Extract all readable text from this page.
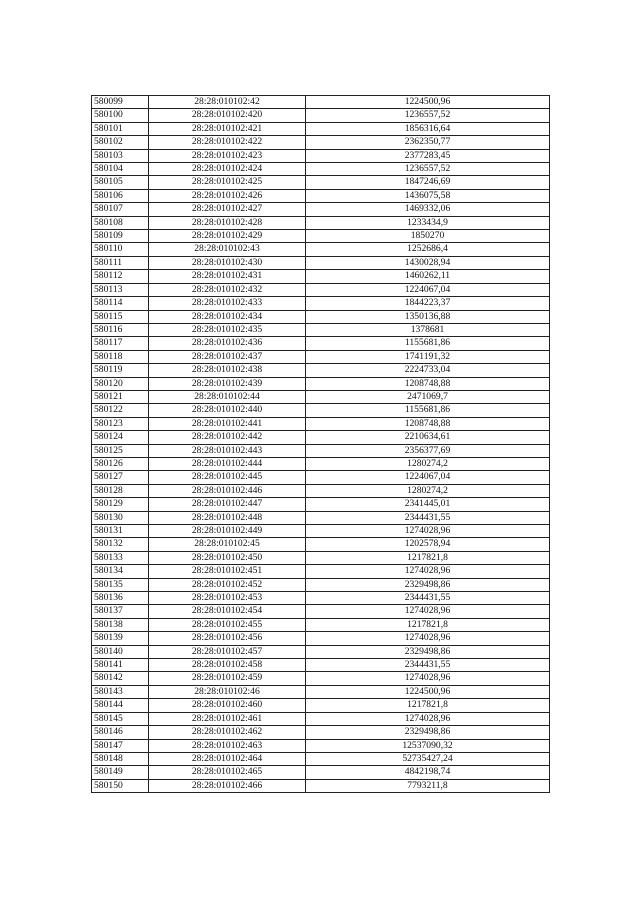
580099	28:28:010102:42	1224500,96
580100	28:28:010102:420	1236557,52
580101	28:28:010102:421	1856316,64
580102	28:28:010102:422	2362350,77
580103	28:28:010102:423	2377283,45
580104	28:28:010102:424	1236557,52
580105	28:28:010102:425	1847246,69
580106	28:28:010102:426	1436075,58
580107	28:28:010102:427	1469332,06
580108	28:28:010102:428	1233434,9
580109	28:28:010102:429	1850270
580110	28:28:010102:43	1252686,4
580111	28:28:010102:430	1430028,94
580112	28:28:010102:431	1460262,11
580113	28:28:010102:432	1224067,04
580114	28:28:010102:433	1844223,37
580115	28:28:010102:434	1350136,88
580116	28:28:010102:435	1378681
580117	28:28:010102:436	1155681,86
580118	28:28:010102:437	1741191,32
580119	28:28:010102:438	2224733,04
580120	28:28:010102:439	1208748,88
580121	28:28:010102:44	2471069,7
580122	28:28:010102:440	1155681,86
580123	28:28:010102:441	1208748,88
580124	28:28:010102:442	2210634,61
580125	28:28:010102:443	2356377,69
580126	28:28:010102:444	1280274,2
580127	28:28:010102:445	1224067,04
580128	28:28:010102:446	1280274,2
580129	28:28:010102:447	2341445,01
580130	28:28:010102:448	2344431,55
580131	28:28:010102:449	1274028,96
580132	28:28:010102:45	1202578,94
580133	28:28:010102:450	1217821,8
580134	28:28:010102:451	1274028,96
580135	28:28:010102:452	2329498,86
580136	28:28:010102:453	2344431,55
580137	28:28:010102:454	1274028,96
580138	28:28:010102:455	1217821,8
580139	28:28:010102:456	1274028,96
580140	28:28:010102:457	2329498,86
580141	28:28:010102:458	2344431,55
580142	28:28:010102:459	1274028,96
580143	28:28:010102:46	1224500,96
580144	28:28:010102:460	1217821,8
580145	28:28:010102:461	1274028,96
580146	28:28:010102:462	2329498,86
580147	28:28:010102:463	12537090,32
580148	28:28:010102:464	52735427,24
580149	28:28:010102:465	4842198,74
580150	28:28:010102:466	7793211,8
